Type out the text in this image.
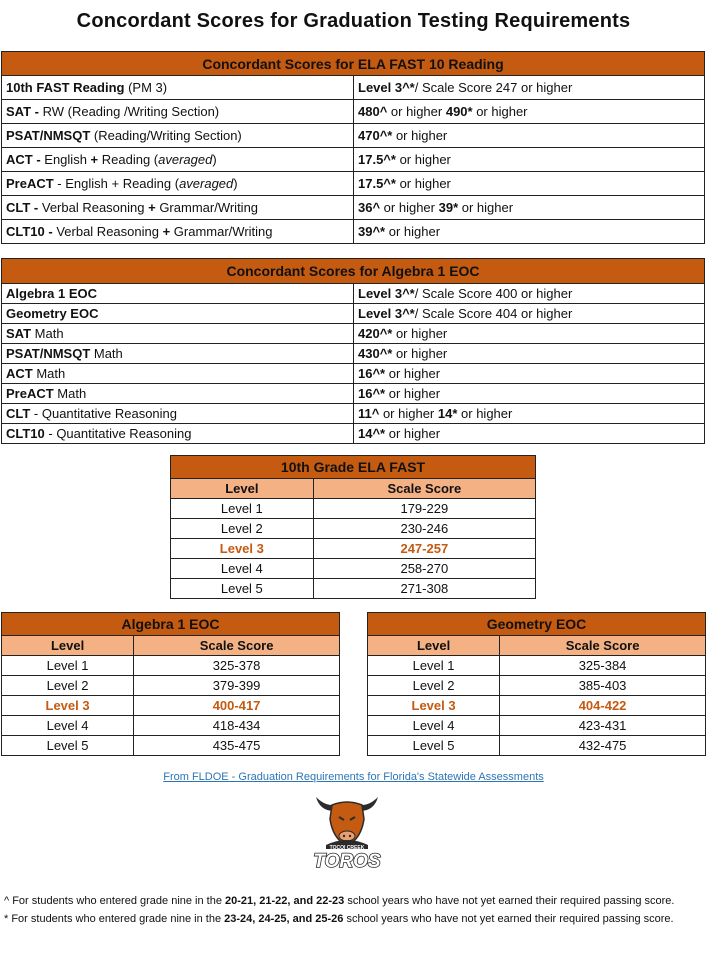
Concordant Scores for Graduation Testing Requirements
Concordant Scores for ELA FAST 10 Reading	
10th FAST Reading (PM 3)	Level 3^*/ Scale Score 247 or higher
SAT - RW (Reading /Writing Section)	480^ or higher 490* or higher
PSAT/NMSQT (Reading/Writing Section)	470^* or higher
ACT - English + Reading (averaged)	17.5^* or higher
PreACT - English + Reading (averaged)	17.5^* or higher
CLT - Verbal Reasoning + Grammar/Writing	36^ or higher 39* or higher
CLT10 - Verbal Reasoning + Grammar/Writing	39^* or higher
Concordant Scores for Algebra 1 EOC	
Algebra 1 EOC	Level 3^*/ Scale Score 400 or higher
Geometry EOC	Level 3^*/ Scale Score 404 or higher
SAT Math	420^* or higher
PSAT/NMSQT Math	430^* or higher
ACT Math	16^* or higher
PreACT Math	16^* or higher
CLT - Quantitative Reasoning	11^ or higher 14* or higher
CLT10 - Quantitative Reasoning	14^* or higher
10th Grade ELA FAST	
Level	Scale Score
Level 1	179-229
Level 2	230-246
Level 3	247-257
Level 4	258-270
Level 5	271-308
Algebra 1 EOC	
Level	Scale Score
Level 1	325-378
Level 2	379-399
Level 3	400-417
Level 4	418-434
Level 5	435-475
Geometry EOC	
Level	Scale Score
Level 1	325-384
Level 2	385-403
Level 3	404-422
Level 4	423-431
Level 5	432-475
From FLDOE - Graduation Requirements for Florida's Statewide Assessments
TOCOI CREEK
TOROS
^ For students who entered grade nine in the 20-21, 21-22, and 22-23 school years who have not yet earned their required passing score.
* For students who entered grade nine in the 23-24, 24-25, and 25-26 school years who have not yet earned their required passing score.
